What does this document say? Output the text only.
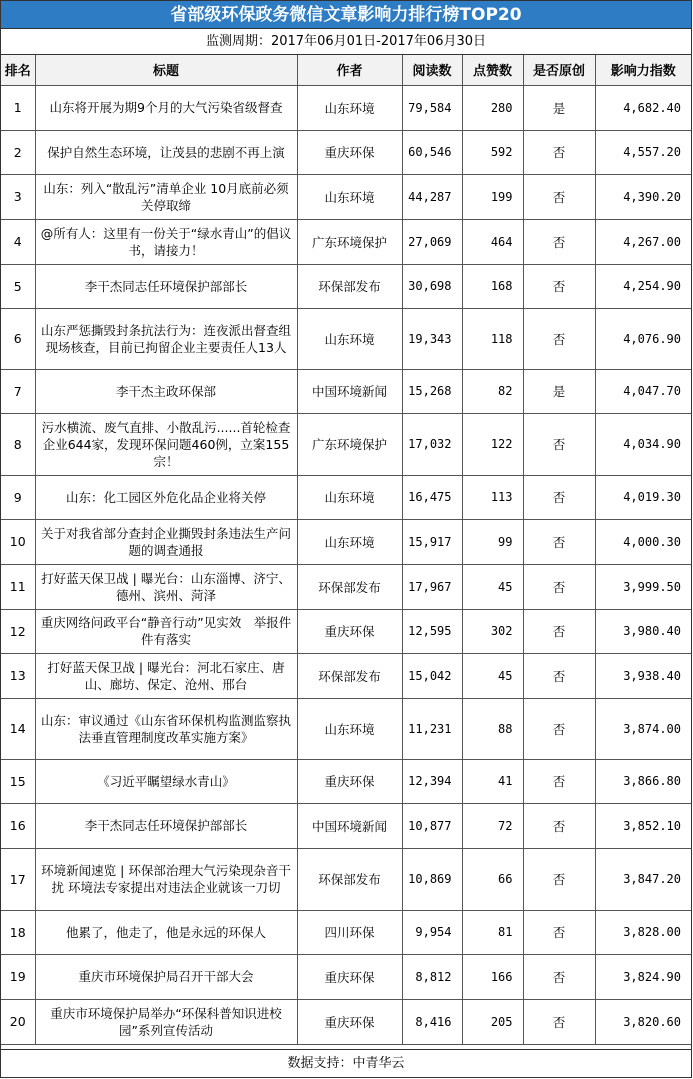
省部级环保政务微信文章影响力排行榜TOP20
监测周期：2017年06月01日-2017年06月30日
排名	标题	作者	阅读数	点赞数	是否原创	影响力指数
1	山东将开展为期9个月的大气污染省级督查	山东环境	79,584	280	是	4,682.40
2	保护自然生态环境，让茂县的悲剧不再上演	重庆环保	60,546	592	否	4,557.20
3	山东：列入“散乱污”清单企业 10月底前必须关停取缔	山东环境	44,287	199	否	4,390.20
4	@所有人：这里有一份关于“绿水青山”的倡议书，请接力！	广东环境保护	27,069	464	否	4,267.00
5	李干杰同志任环境保护部部长	环保部发布	30,698	168	否	4,254.90
6	山东严惩撕毁封条抗法行为：连夜派出督查组现场核查，目前已拘留企业主要责任人13人	山东环境	19,343	118	否	4,076.90
7	李干杰主政环保部	中国环境新闻	15,268	82	是	4,047.70
8	污水横流、废气直排、小散乱污......首轮检查企业644家，发现环保问题460例，立案155宗！	广东环境保护	17,032	122	否	4,034.90
9	山东：化工园区外危化品企业将关停	山东环境	16,475	113	否	4,019.30
10	关于对我省部分查封企业撕毁封条违法生产问题的调查通报	山东环境	15,917	99	否	4,000.30
11	打好蓝天保卫战 | 曝光台：山东淄博、济宁、德州、滨州、菏泽	环保部发布	17,967	45	否	3,999.50
12	重庆网络问政平台“静音行动”见实效　举报件件有落实	重庆环保	12,595	302	否	3,980.40
13	打好蓝天保卫战 | 曝光台：河北石家庄、唐山、廊坊、保定、沧州、邢台	环保部发布	15,042	45	否	3,938.40
14	山东：审议通过《山东省环保机构监测监察执法垂直管理制度改革实施方案》	山东环境	11,231	88	否	3,874.00
15	《习近平瞩望绿水青山》	重庆环保	12,394	41	否	3,866.80
16	李干杰同志任环境保护部部长	中国环境新闻	10,877	72	否	3,852.10
17	环境新闻速览 | 环保部治理大气污染现杂音干扰 环境法专家提出对违法企业就该一刀切	环保部发布	10,869	66	否	3,847.20
18	他累了，他走了，他是永远的环保人	四川环保	9,954	81	否	3,828.00
19	重庆市环境保护局召开干部大会	重庆环保	8,812	166	否	3,824.90
20	重庆市环境保护局举办“环保科普知识进校园”系列宣传活动	重庆环保	8,416	205	否	3,820.60
数据支持：中青华云
